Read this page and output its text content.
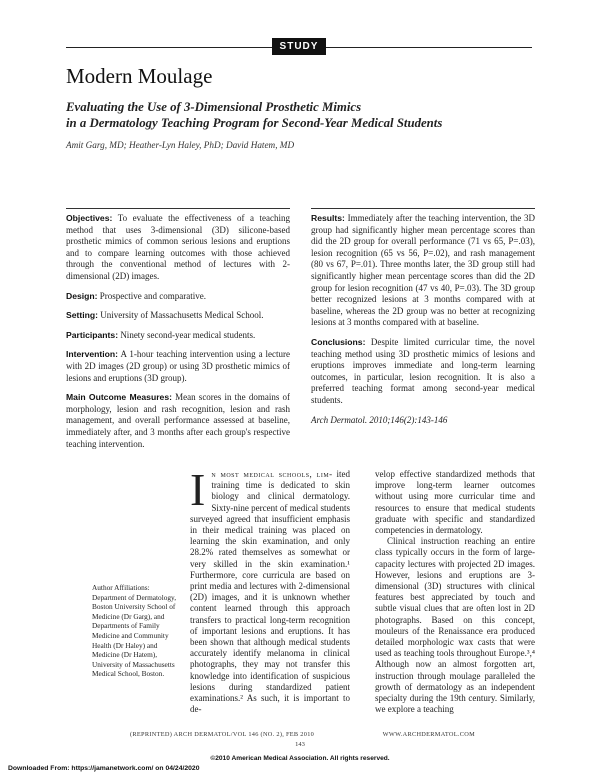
STUDY
Modern Moulage
Evaluating the Use of 3-Dimensional Prosthetic Mimics
in a Dermatology Teaching Program for Second-Year Medical Students
Amit Garg, MD; Heather-Lyn Haley, PhD; David Hatem, MD

Objectives: To evaluate the effectiveness of a teaching method that uses 3-dimensional (3D) silicone-based prosthetic mimics of common serious lesions and eruptions and to compare learning outcomes with those achieved through the conventional method of lectures with 2-dimensional (2D) images.

Design: Prospective and comparative.

Setting: University of Massachusetts Medical School.

Participants: Ninety second-year medical students.

Intervention: A 1-hour teaching intervention using a lecture with 2D images (2D group) or using 3D prosthetic mimics of lesions and eruptions (3D group).

Main Outcome Measures: Mean scores in the domains of morphology, lesion and rash recognition, lesion and rash management, and overall performance assessed at baseline, immediately after, and 3 months after each group's respective teaching intervention.

Results: Immediately after the teaching intervention, the 3D group had significantly higher mean percentage scores than did the 2D group for overall performance (71 vs 65, P=.03), lesion recognition (65 vs 56, P=.02), and rash management (80 vs 67, P=.01). Three months later, the 3D group still had significantly higher mean percentage scores than did the 2D group for lesion recognition (47 vs 40, P=.03). The 3D group better recognized lesions at 3 months compared with at baseline, whereas the 2D group was no better at recognizing lesions at 3 months compared with at baseline.

Conclusions: Despite limited curricular time, the novel teaching method using 3D prosthetic mimics of lesions and eruptions improves immediate and long-term learning outcomes, in particular, lesion recognition. It is also a preferred teaching format among second-year medical students.

Arch Dermatol. 2010;146(2):143-146

Author Affiliations:
Department of Dermatology, Boston University School of Medicine (Dr Garg), and Departments of Family Medicine and Community Health (Dr Haley) and Medicine (Dr Hatem), University of Massachusetts Medical School, Boston.

In most medical schools, lim- ited training time is dedicated to skin biology and clinical dermatology. Sixty-nine percent of medical students surveyed agreed that insufficient emphasis in their medical training was placed on learning the skin examination, and only 28.2% rated themselves as somewhat or very skilled in the skin examination.¹ Furthermore, core curricula are based on print media and lectures with 2-dimensional (2D) images, and it is unknown whether content learned through this approach transfers to practical long-term recognition of important lesions and eruptions. It has been shown that although medical students accurately identify melanoma in clinical photographs, they may not transfer this knowledge into identification of suspicious lesions during standardized patient examinations.² As such, it is important to de-

velop effective standardized methods that improve long-term learner outcomes without using more curricular time and resources to ensure that medical students graduate with specific and standardized competencies in dermatology.

Clinical instruction reaching an entire class typically occurs in the form of large-capacity lectures with projected 2D images. However, lesions and eruptions are 3-dimensional (3D) structures with clinical features best appreciated by touch and subtle visual clues that are often lost in 2D photographs. Based on this concept, mouleurs of the Renaissance era produced detailed morphologic wax casts that were used as teaching tools throughout Europe.³,⁴ Although now an almost forgotten art, instruction through moulage paralleled the growth of dermatology as an independent specialty during the 19th century. Similarly, we explore a teaching

(REPRINTED) ARCH DERMATOL/VOL 146 (NO. 2), FEB 2010	WWW.ARCHDERMATOL.COM
143
©2010 American Medical Association. All rights reserved.
Downloaded From: https://jamanetwork.com/ on 04/24/2020
